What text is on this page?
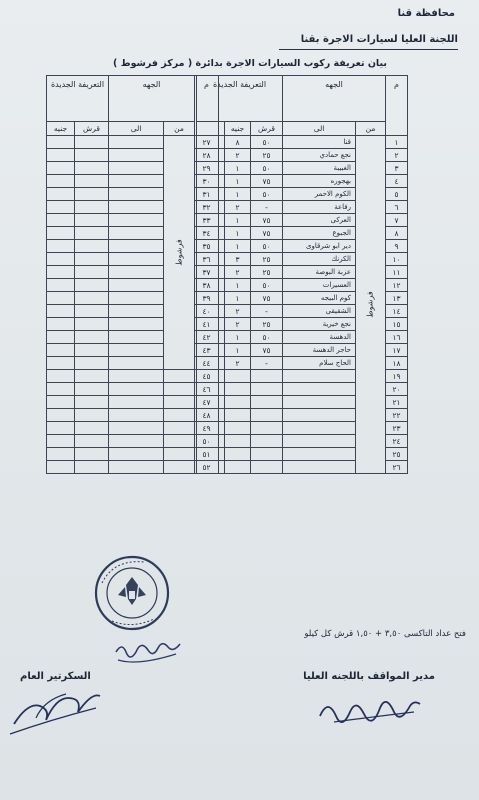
محافظة قنا
اللجنة العليا لسيارات الاجرة بقنا
بيان تعريفة ركوب السيارات الاجرة بدائرة ( مركز فرشوط )
م	الجهه		التعريفة الجديدة		
	من	الى	قرش	جنيه	
١	فرشوط	قنا	٥٠	٨	
٢		نجع حمادي	٢٥	٢	
٣		الغبيبة	٥٠	١	
٤		بهجوره	٧٥	١	
٥		الكوم الاحمر	٥٠	١	
٦		رفاعة	-	٢	
٧		العركى	٧٥	١	
٨		الجبوع	٧٥	١	
٩		دير ابو شرقاوى	٥٠	١	
١٠		الكرنك	٢٥	٣	
١١		عزبة البوصة	٢٥	٢	
١٢		العسيرات	٥٠	١	
١٣		كوم البيجه	٧٥	١	
١٤		الشقيقى	-	٢	
١٥		نجع خيرية	٢٥	٢	
١٦		الدهسة	٥٠	١	
١٧		حاجر الدهسة	٧٥	١	
١٨		الحاج سلام	-	٢	
١٩					
٢٠					
٢١					
٢٢					
٢٣					
٢٤					
٢٥					
٢٦					
م	الجهه		التعريفة الجديدة	
	من	الى	قرش	جنيه
٢٧	فرشوط			
٢٨				
٢٩				
٣٠				
٣١				
٣٢				
٣٣				
٣٤				
٣٥				
٣٦				
٣٧				
٣٨				
٣٩				
٤٠				
٤١				
٤٢				
٤٣				
٤٤				
٤٥				
٤٦				
٤٧				
٤٨				
٤٩				
٥٠				
٥١				
٥٢				
فتح عداد التاكسى ٣,٥٠ + ١,٥٠ قرش كل كيلو
مدير المواقف باللجنه العليا
السكرتير العام
